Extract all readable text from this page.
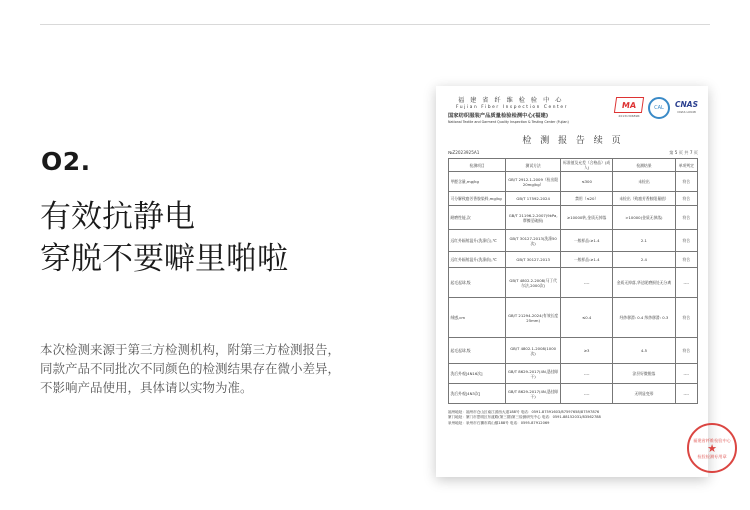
O2.
有效抗静电
穿脱不要噼里啪啦
本次检测来源于第三方检测机构，附第三方检测报告，
同款产品不同批次不同颜色的检测结果存在微小差异，
不影响产品使用，具体请以实物为准。
福 建 省 纤 维 检 验 中 心
Fujian Fiber Inspection Center
国家纺织服装产品质量检验检测中心(福建)
National Textile and Garment Quality Inspection & Testing Center (Fujian)
MA
2013130689R
CAL	CNAS
CNAS L0948
检 测 报 告 续 页
№Z2023925A1	第 5 页 共 7 页
检测项目	测试方法	标准值及允差（合格品）(成人)	检测结果	单项判定
甲醛含量,mg/kg	GB/T 2912.1-2009（检出限20mg/kg）	≤300	未检出	符合
可分解致癌芳香胺染料,mg/kg	GB/T 17592-2024	禁用（≤20）	未检出（致癌芳香胺限量值）	符合
耐磨性能,次	GB/T 21196.2-2007(9kPa,摩擦至破损)	≥10000转,金质无掉落	>10000(金质无掉落)	符合
远红外辐射温升(洗涤后),℃	GB/T 30127-2013(洗涤50次)	一般样品:≥1.4	2.1	符合
远红外辐射温升(洗涤前),℃	GB/T 30127-2013	一般样品:≥1.4	2.4	符合
起毛起球,级	GB/T 4802.2-2008(马丁代尔法,2000次)	----	金质无掉落,华达呢磨损处无分离	----
绒感,cm	GB/T 21294-2024(有效长度25mm)	≤0.4	经纱移滑: 0.4 纬纱移滑: 0.3	符合
起毛起球,级	GB/T 4802.1-2008(1000次)	≥3	4-5	符合
洗后外观[4N16次]	GB/T 8629-2017(4N,悬挂晾干)	----	涂层好微脱落	----
洗后外观[4N3次]	GB/T 8629-2017(4N,悬挂晾干)	----	无明显变形	----
福州地址：福州市仓山区南江滨西大道188号 电话：0591-87591603/87597658/87597876
厦门地址：厦门市思明区东渡路(第三期)第三检测研究中心 电话：0591-88152031/83562788
泉州地址：泉州市石狮市鸿山镇188号 电话：0595-87912069
福建省纤维检验中心
★
检验检测专用章
